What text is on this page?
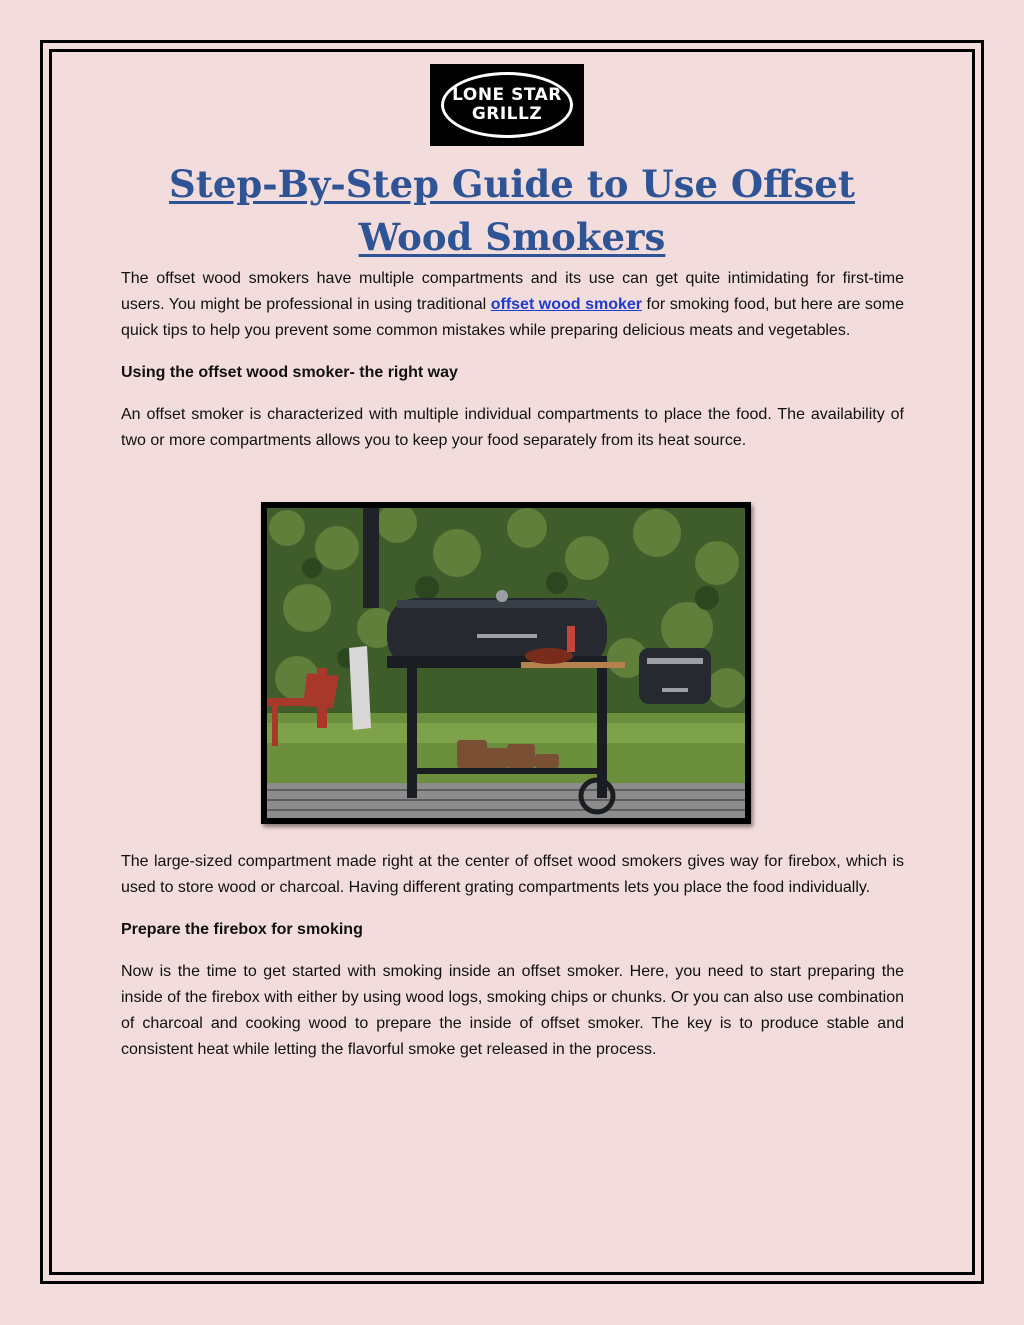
LONE STAR
GRILLZ
Step-By-Step Guide to Use Offset Wood Smokers

The offset wood smokers have multiple compartments and its use can get quite intimidating for first-time users. You might be professional in using traditional offset wood smoker for smoking food, but here are some quick tips to help you prevent some common mistakes while preparing delicious meats and vegetables.

Using the offset wood smoker- the right way

An offset smoker is characterized with multiple individual compartments to place the food. The availability of two or more compartments allows you to keep your food separately from its heat source.

The large-sized compartment made right at the center of offset wood smokers gives way for firebox, which is used to store wood or charcoal. Having different grating compartments lets you place the food individually.

Prepare the firebox for smoking

Now is the time to get started with smoking inside an offset smoker. Here, you need to start preparing the inside of the firebox with either by using wood logs, smoking chips or chunks. Or you can also use combination of charcoal and cooking wood to prepare the inside of offset smoker. The key is to produce stable and consistent heat while letting the flavorful smoke get released in the process.
